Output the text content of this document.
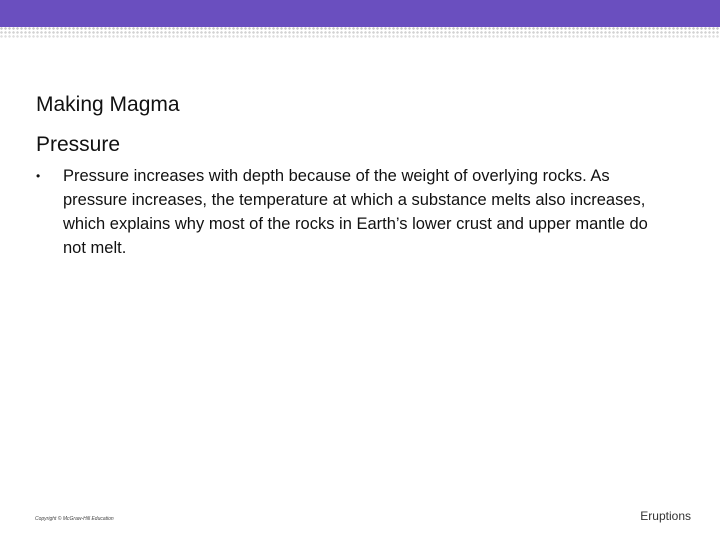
Making Magma
Pressure
•	Pressure increases with depth because of the weight of overlying rocks. As pressure increases, the temperature at which a substance melts also increases, which explains why most of the rocks in Earth’s lower crust and upper mantle do not melt.
Copyright © McGraw-Hill Education	Eruptions
